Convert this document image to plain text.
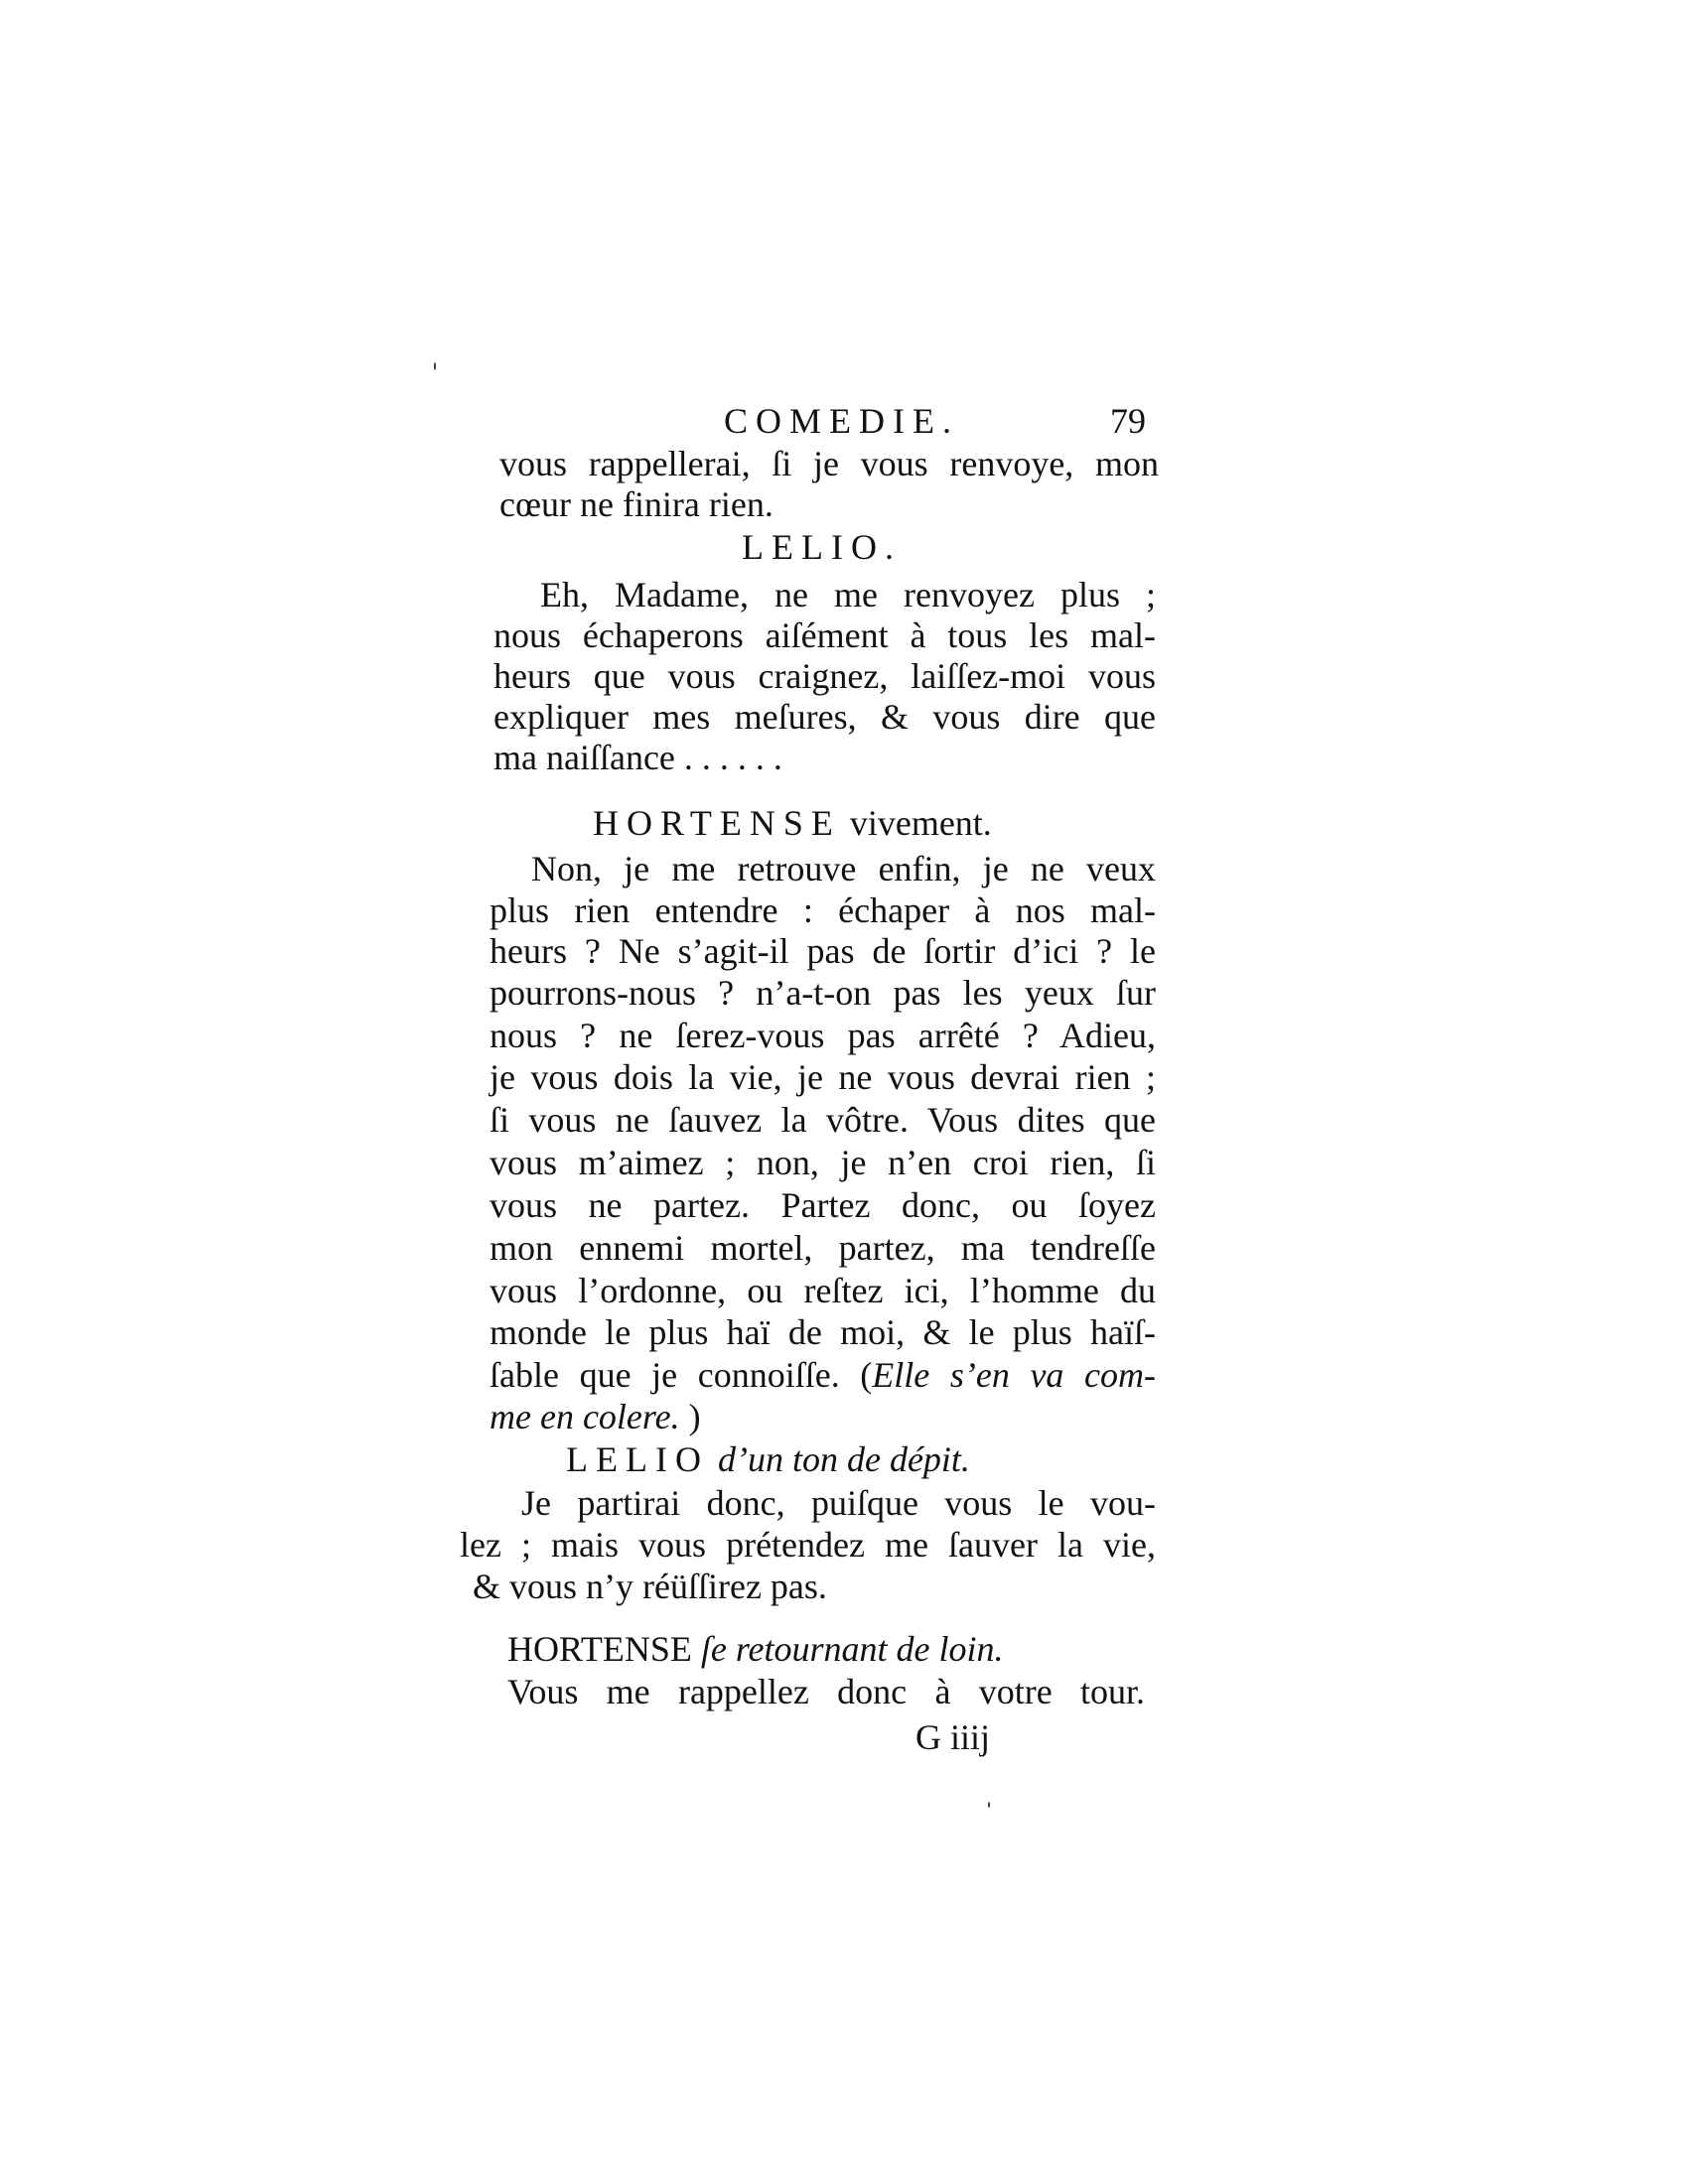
COMEDIE.	79
vous rappellerai, ſi je vous renvoye, mon
cœur ne finira rien.
LELIO.
Eh, Madame, ne me renvoyez plus ;
nous échaperons aiſément à tous les mal-
heurs que vous craignez, laiſſez-moi vous
expliquer mes meſures, & vous dire que
ma naiſſance . . . . . .
HORTENSE vivement.
Non, je me retrouve enfin, je ne veux
plus rien entendre : échaper à nos mal-
heurs ? Ne s’agit-il pas de ſortir d’ici ? le
pourrons-nous ? n’a-t-on pas les yeux ſur
nous ? ne ſerez-vous pas arrêté ? Adieu,
je vous dois la vie, je ne vous devrai rien ;
ſi vous ne ſauvez la vôtre. Vous dites que
vous m’aimez ; non, je n’en croi rien, ſi
vous ne partez. Partez donc, ou ſoyez
mon ennemi mortel, partez, ma tendreſſe
vous l’ordonne, ou reſtez ici, l’homme du
monde le plus haï de moi, & le plus haïſ-
ſable que je connoiſſe. (Elle s’en va com-
me en colere. )
LELIO d’un ton de dépit.
Je partirai donc, puiſque vous le vou-
lez ; mais vous prétendez me ſauver la vie,
& vous n’y réüſſirez pas.
HORTENSE ſe retournant de loin.
Vous me rappellez donc à votre tour.
G iiij
